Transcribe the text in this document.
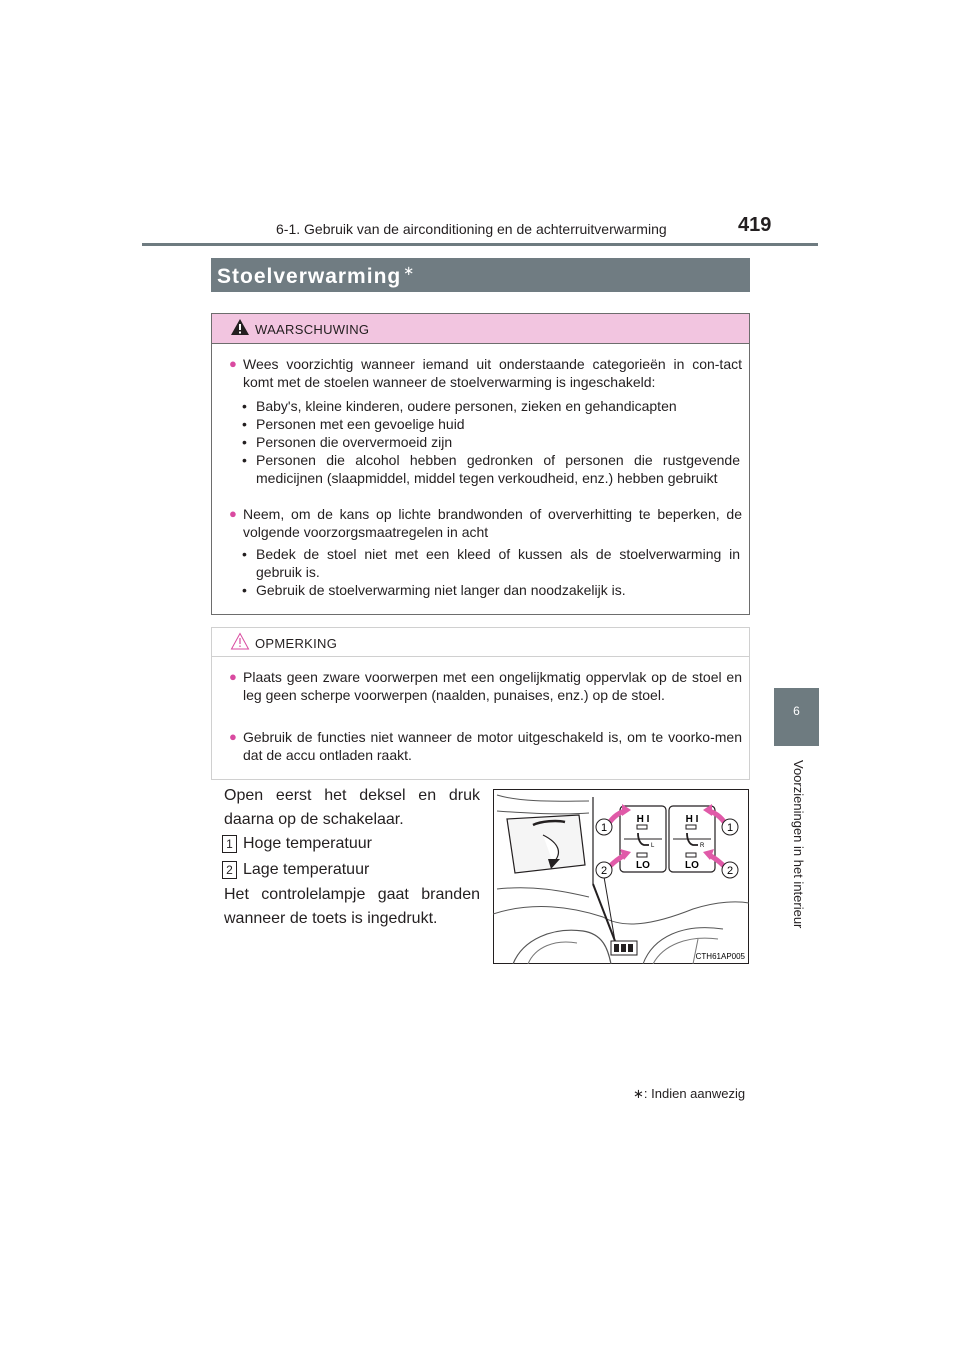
6-1. Gebruik van de airconditioning en de achterruitverwarming	419
6
Voorzieningen in het interieur
Stoelverwarming ∗
WAARSCHUWING
● Wees voorzichtig wanneer iemand uit onderstaande categorieën in con-tact komt met de stoelen wanneer de stoelverwarming is ingeschakeld:
• Baby's, kleine kinderen, oudere personen, zieken en gehandicapten
• Personen met een gevoelige huid
• Personen die oververmoeid zijn
• Personen die alcohol hebben gedronken of personen die rustgevende medicijnen (slaapmiddel, middel tegen verkoudheid, enz.) hebben gebruikt
● Neem, om de kans op lichte brandwonden of oververhitting te beperken, de volgende voorzorgsmaatregelen in acht
• Bedek de stoel niet met een kleed of kussen als de stoelverwarming in gebruik is.
• Gebruik de stoelverwarming niet langer dan noodzakelijk is.
OPMERKING
● Plaats geen zware voorwerpen met een ongelijkmatig oppervlak op de stoel en leg geen scherpe voorwerpen (naalden, punaises, enz.) op de stoel.
● Gebruik de functies niet wanneer de motor uitgeschakeld is, om te voorko-men dat de accu ontladen raakt.
Open eerst het deksel en druk daarna op de schakelaar.
1 Hoge temperatuur
2 Lage temperatuur
Het controlelampje gaat branden wanneer de toets is ingedrukt.
H I	H I
LO	LO
L	R
1
2
1
2
CTH61AP005
∗: Indien aanwezig
